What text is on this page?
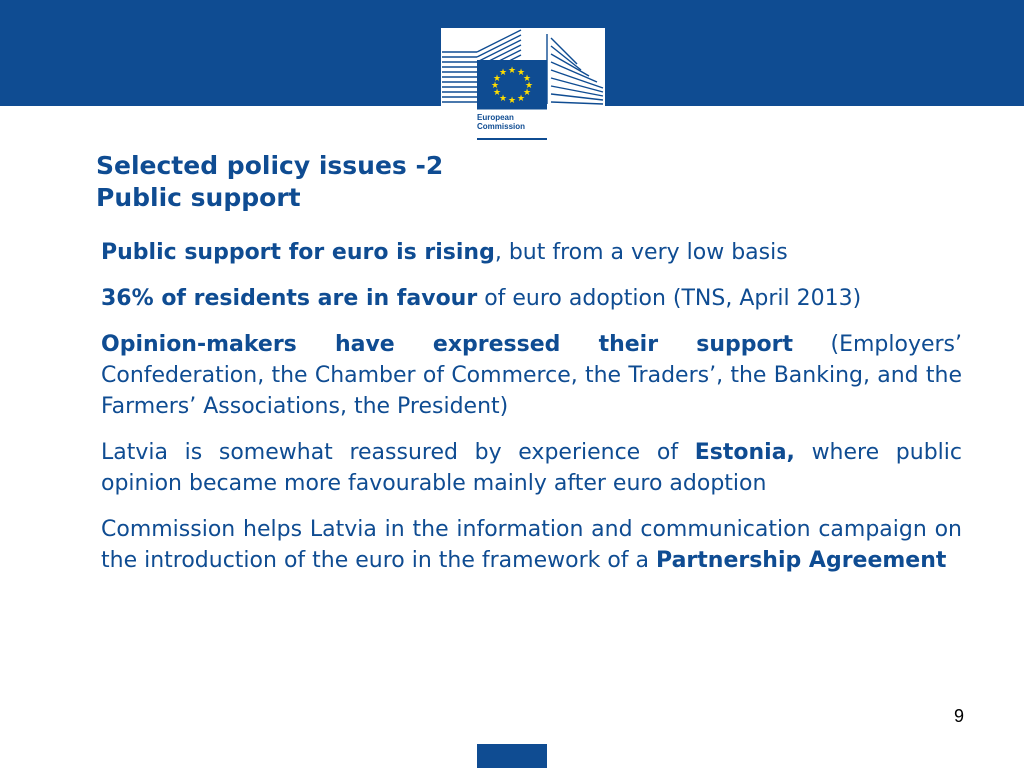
★ ★
★
★
★
★
★
★
★
★
★
★
European
Commission
Selected policy issues -2
Public support

Public support for euro is rising, but from a very low basis

36% of residents are in favour of euro adoption (TNS, April 2013)

Opinion-makers have expressed their support (Employers’ Confederation, the Chamber of Commerce, the Traders’, the Banking, and the Farmers’ Associations, the President)

Latvia is somewhat reassured by experience of Estonia, where public opinion became more favourable mainly after euro adoption

Commission helps Latvia in the information and communication campaign on the introduction of the euro in the framework of a Partnership Agreement

9
